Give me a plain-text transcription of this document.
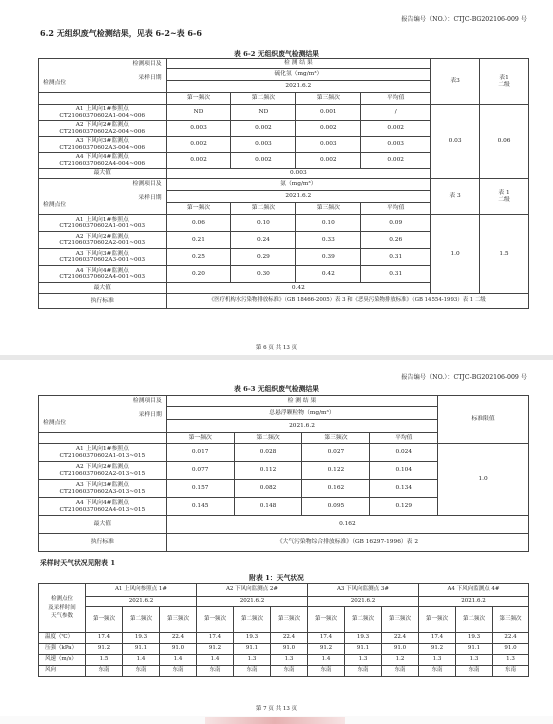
报告编号（NO.）：CTJC-BG202106-009 号
6.2 无组织废气检测结果，见表 6-2~表 6-6
表 6-2 无组织废气检测结果
检测项目及
采样日期
检测点位	检 测 结 果				表3	表1
二级
	硫化氢（mg/m³）					
	2021.6.2					
	第一频次	第二频次	第三频次	平均值		
A1 上风向1#参照点
CT21060370602A1-004~006	ND	ND	0.001	/	0.03	0.06
A2 下风向2#监测点
CT21060370602A2-004~006	0.003	0.002	0.002	0.002		
A3 下风向3#监测点
CT21060370602A3-004~006	0.002	0.003	0.003	0.003		
A4 下风向4#监测点
CT21060370602A4-004~006	0.002	0.002	0.002	0.002		
最大值	0.003					

检测项目及
采样日期
检测点位	氨（mg/m³）				表 3	表 1
二级
	2021.6.2					
	第一频次	第二频次	第三频次	平均值		
A1 上风向1#参照点
CT21060370602A1-001~003	0.06	0.10	0.10	0.09	1.0	1.5
A2 下风向2#监测点
CT21060370602A2-001~003	0.21	0.24	0.33	0.26		
A3 下风向3#监测点
CT21060370602A3-001~003	0.25	0.29	0.39	0.31		
A4 下风向4#监测点
CT21060370602A4-001~003	0.20	0.30	0.42	0.31		
最大值	0.42					
执行标准	《医疗机构水污染物排放标准》（GB 18466-2005）表 3 和《恶臭污染物排放标准》（GB 14554-1993）表 1 二级					
第 6 页 共 13 页
报告编号（NO.）：CTJC-BG202106-009 号
表 6-3 无组织废气检测结果
检测项目及
采样日期
检测点位	检 测 结 果				标准限值
	总悬浮颗粒物（mg/m³）				
	2021.6.2				
	第一频次	第二频次	第三频次	平均值	
A1 上风向1#参照点
CT21060370602A1-013~015	0.017	0.028	0.027	0.024	1.0
A2 下风向2#监测点
CT21060370602A2-013~015	0.077	0.112	0.122	0.104	
A3 下风向3#监测点
CT21060370602A3-013~015	0.157	0.082	0.162	0.134	
A4 下风向4#监测点
CT21060370602A4-013~015	0.145	0.148	0.095	0.129	
最大值	0.162				
执行标准	《大气污染物综合排放标准》（GB 16297-1996）表 2				
采样时天气状况见附表 1
附表 1：天气状况
检测点位
及采样时间
天气参数	A1 上风向参照点 1#			A2 下风向监测点 2#			A3 下风向监测点 3#			A4 下风向监测点 4#		
	2021.6.2			2021.6.2			2021.6.2			2021.6.2		
	第一频次	第二频次	第三频次	第一频次	第二频次	第三频次	第一频次	第二频次	第三频次	第一频次	第二频次	第三频次
温度（℃）	17.4	19.3	22.4	17.4	19.3	22.4	17.4	19.3	22.4	17.4	19.3	22.4
压强（kPa）	91.2	91.1	91.0	91.2	91.1	91.0	91.2	91.1	91.0	91.2	91.1	91.0
风速（m/s）	1.5	1.4	1.4	1.4	1.3	1.3	1.4	1.3	1.2	1.3	1.3	1.3
风向	东南	东南	东南	东南	东南	东南	东南	东南	东南	东南	东南	东南
第 7 页 共 13 页
